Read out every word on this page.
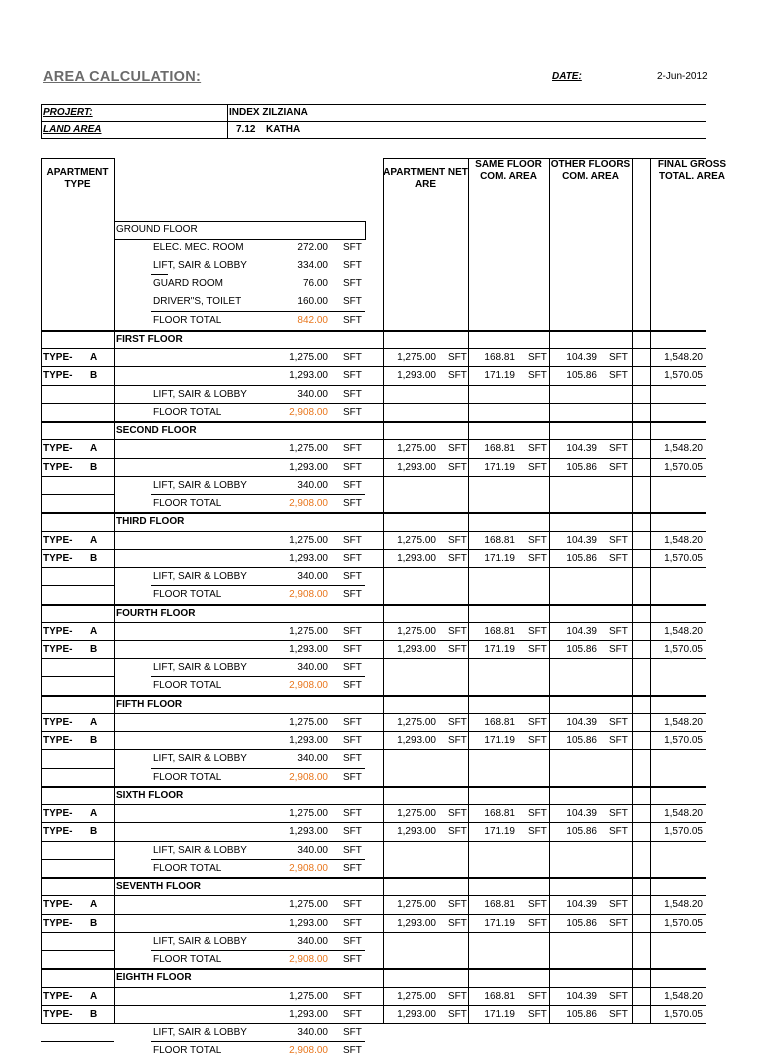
AREA CALCULATION:	DATE:	2-Jun-2012
PROJERT:	INDEX ZILZIANA
LAND AREA	7.12 KATHA
APARTMENT TYPE
APARTMENT NET ARE
SAME FLOOR COM. AREA
OTHER FLOORS COM. AREA
FINAL GROSS TOTAL. AREA
GROUND FLOOR
ELEC. MEC. ROOM	272.00 SFT
LIFT, SAIR & LOBBY	334.00 SFT
GUARD ROOM	76.00 SFT
DRIVER"S, TOILET	160.00 SFT
FLOOR TOTAL	842.00 SFT
FIRST FLOOR
TYPE- A	1,275.00 SFT	1,275.00 SFT	168.81 SFT	104.39 SFT	1,548.20
TYPE- B	1,293.00 SFT	1,293.00 SFT	171.19 SFT	105.86 SFT	1,570.05
LIFT, SAIR & LOBBY	340.00 SFT
FLOOR TOTAL	2,908.00 SFT
SECOND FLOOR
TYPE- A	1,275.00 SFT	1,275.00 SFT	168.81 SFT	104.39 SFT	1,548.20
TYPE- B	1,293.00 SFT	1,293.00 SFT	171.19 SFT	105.86 SFT	1,570.05
LIFT, SAIR & LOBBY	340.00 SFT
FLOOR TOTAL	2,908.00 SFT
THIRD FLOOR
TYPE- A	1,275.00 SFT	1,275.00 SFT	168.81 SFT	104.39 SFT	1,548.20
TYPE- B	1,293.00 SFT	1,293.00 SFT	171.19 SFT	105.86 SFT	1,570.05
LIFT, SAIR & LOBBY	340.00 SFT
FLOOR TOTAL	2,908.00 SFT
FOURTH FLOOR
TYPE- A	1,275.00 SFT	1,275.00 SFT	168.81 SFT	104.39 SFT	1,548.20
TYPE- B	1,293.00 SFT	1,293.00 SFT	171.19 SFT	105.86 SFT	1,570.05
LIFT, SAIR & LOBBY	340.00 SFT
FLOOR TOTAL	2,908.00 SFT
FIFTH FLOOR
TYPE- A	1,275.00 SFT	1,275.00 SFT	168.81 SFT	104.39 SFT	1,548.20
TYPE- B	1,293.00 SFT	1,293.00 SFT	171.19 SFT	105.86 SFT	1,570.05
LIFT, SAIR & LOBBY	340.00 SFT
FLOOR TOTAL	2,908.00 SFT
SIXTH FLOOR
TYPE- A	1,275.00 SFT	1,275.00 SFT	168.81 SFT	104.39 SFT	1,548.20
TYPE- B	1,293.00 SFT	1,293.00 SFT	171.19 SFT	105.86 SFT	1,570.05
LIFT, SAIR & LOBBY	340.00 SFT
FLOOR TOTAL	2,908.00 SFT
SEVENTH FLOOR
TYPE- A	1,275.00 SFT	1,275.00 SFT	168.81 SFT	104.39 SFT	1,548.20
TYPE- B	1,293.00 SFT	1,293.00 SFT	171.19 SFT	105.86 SFT	1,570.05
LIFT, SAIR & LOBBY	340.00 SFT
FLOOR TOTAL	2,908.00 SFT
EIGHTH FLOOR
TYPE- A	1,275.00 SFT	1,275.00 SFT	168.81 SFT	104.39 SFT	1,548.20
TYPE- B	1,293.00 SFT	1,293.00 SFT	171.19 SFT	105.86 SFT	1,570.05
LIFT, SAIR & LOBBY	340.00 SFT
FLOOR TOTAL	2,908.00 SFT
